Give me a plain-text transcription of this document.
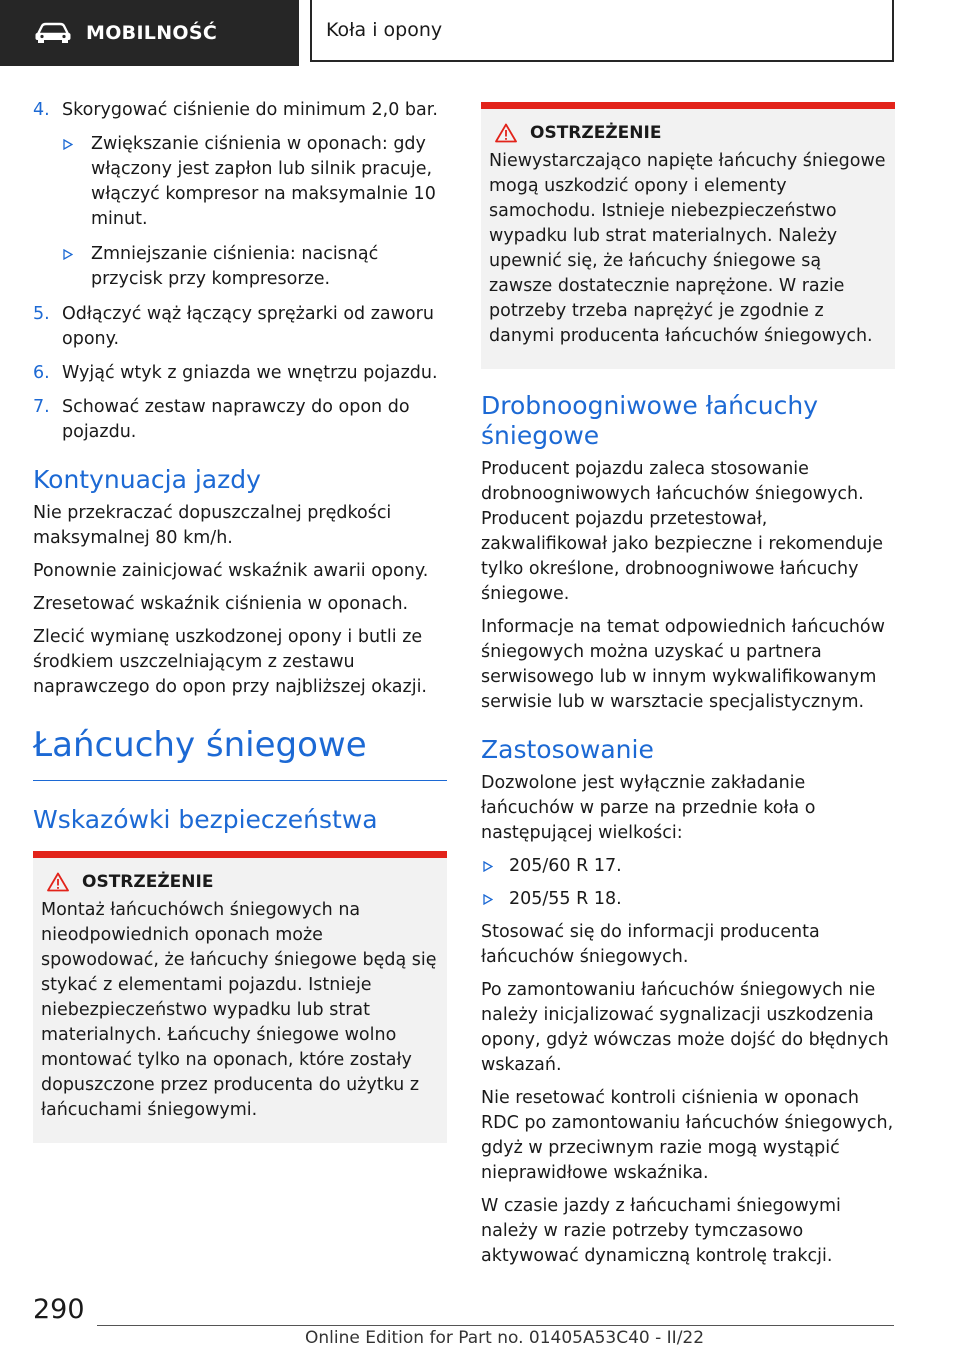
MOBILNOŚĆ	Koła i opony
4. Skorygować ciśnienie do minimum 2,0 bar.
Zwiększanie ciśnienia w oponach: gdy włączony jest zapłon lub silnik pracuje, włączyć kompresor na maksymalnie 10 minut.
Zmniejszanie ciśnienia: nacisnąć przycisk przy kompresorze.
5. Odłączyć wąż łączący sprężarki od zaworu opony.
6. Wyjąć wtyk z gniazda we wnętrzu pojazdu.
7. Schować zestaw naprawczy do opon do pojazdu.
Kontynuacja jazdy

Nie przekraczać dopuszczalnej prędkości maksymalnej 80 km/h.

Ponownie zainicjować wskaźnik awarii opony.

Zresetować wskaźnik ciśnienia w oponach.

Zlecić wymianę uszkodzonej opony i butli ze środkiem uszczelniającym z zestawu naprawczego do opon przy najbliższej okazji.

Łańcuchy śniegowe
Wskazówki bezpieczeństwa
OSTRZEŻENIE
Montaż łańcuchówch śniegowych na nieodpowiednich oponach może spowodować, że łańcuchy śniegowe będą się stykać z elementami pojazdu. Istnieje niebezpieczeństwo wypadku lub strat materialnych. Łańcuchy śniegowe wolno montować tylko na oponach, które zostały dopuszczone przez producenta do użytku z łańcuchami śniegowymi.
OSTRZEŻENIE
Niewystarczająco napięte łańcuchy śniegowe mogą uszkodzić opony i elementy samochodu. Istnieje niebezpieczeństwo wypadku lub strat materialnych. Należy upewnić się, że łańcuchy śniegowe są zawsze dostatecznie naprężone. W razie potrzeby trzeba naprężyć je zgodnie z danymi producenta łańcuchów śniegowych.
Drobnoogniwowe łańcuchy śniegowe

Producent pojazdu zaleca stosowanie drobnoogniwowych łańcuchów śniegowych. Producent pojazdu przetestował, zakwalifikował jako bezpieczne i rekomenduje tylko określone, drobnoogniwowe łańcuchy śniegowe.

Informacje na temat odpowiednich łańcuchów śniegowych można uzyskać u partnera serwisowego lub w innym wykwalifikowanym serwisie lub w warsztacie specjalistycznym.

Zastosowanie

Dozwolone jest wyłącznie zakładanie łańcuchów w parze na przednie koła o następującej wielkości:

205/60 R 17.
205/55 R 18.

Stosować się do informacji producenta łańcuchów śniegowych.

Po zamontowaniu łańcuchów śniegowych nie należy inicjalizować sygnalizacji uszkodzenia opony, gdyż wówczas może dojść do błędnych wskazań.

Nie resetować kontroli ciśnienia w oponach RDC po zamontowaniu łańcuchów śniegowych, gdyż w przeciwnym razie mogą wystąpić nieprawidłowe wskaźnika.

W czasie jazdy z łańcuchami śniegowymi należy w razie potrzeby tymczasowo aktywować dynamiczną kontrolę trakcji.

290
Online Edition for Part no. 01405A53C40 - II/22
